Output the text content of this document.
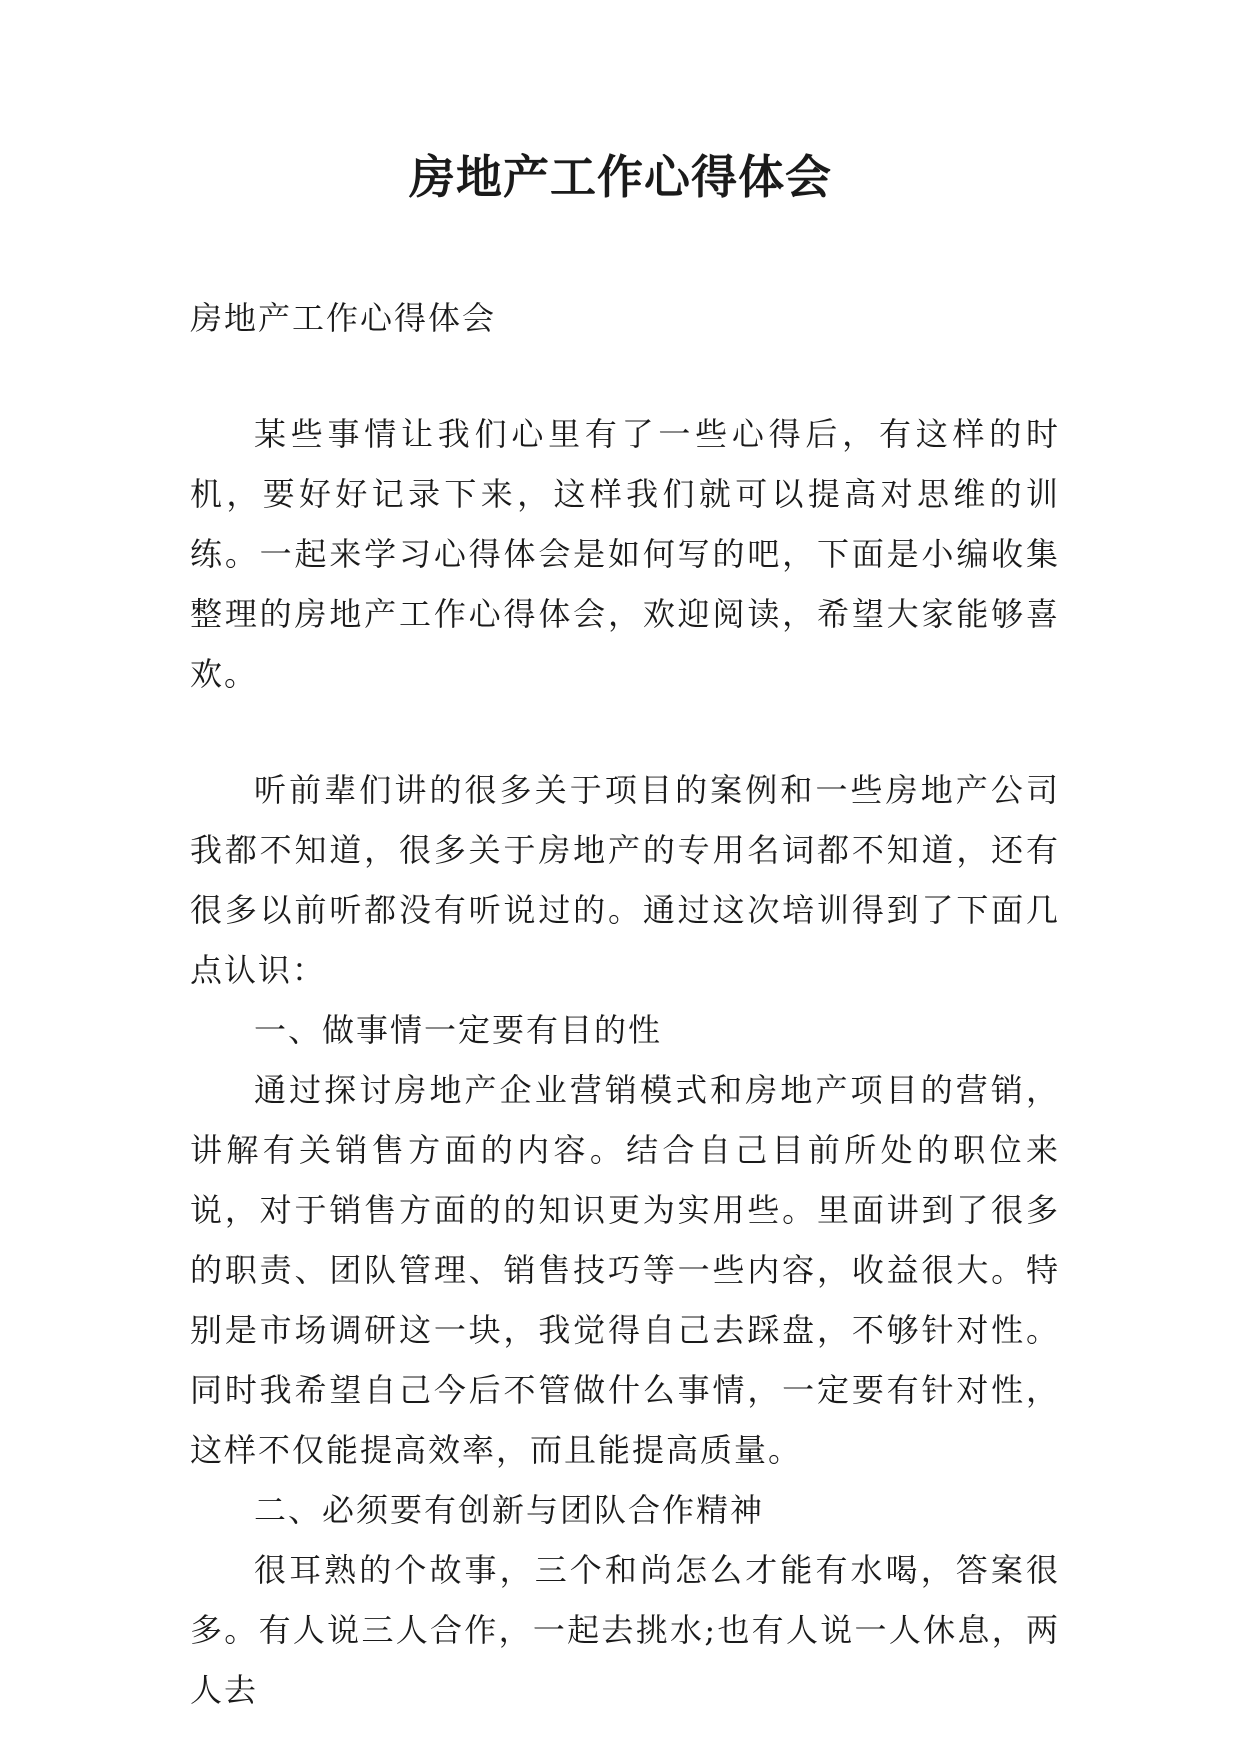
房地产工作心得体会

房地产工作心得体会

某些事情让我们心里有了一些心得后，有这样的时机，要好好记录下来，这样我们就可以提高对思维的训练。一起来学习心得体会是如何写的吧，下面是小编收集整理的房地产工作心得体会，欢迎阅读，希望大家能够喜欢。

听前辈们讲的很多关于项目的案例和一些房地产公司我都不知道，很多关于房地产的专用名词都不知道，还有很多以前听都没有听说过的。通过这次培训得到了下面几点认识：

一、做事情一定要有目的性

通过探讨房地产企业营销模式和房地产项目的营销，讲解有关销售方面的内容。结合自己目前所处的职位来说，对于销售方面的的知识更为实用些。里面讲到了很多的职责、团队管理、销售技巧等一些内容，收益很大。特别是市场调研这一块，我觉得自己去踩盘，不够针对性。同时我希望自己今后不管做什么事情，一定要有针对性，这样不仅能提高效率，而且能提高质量。

二、必须要有创新与团队合作精神

很耳熟的个故事，三个和尚怎么才能有水喝，答案很多。有人说三人合作，一起去挑水;也有人说一人休息，两人去
